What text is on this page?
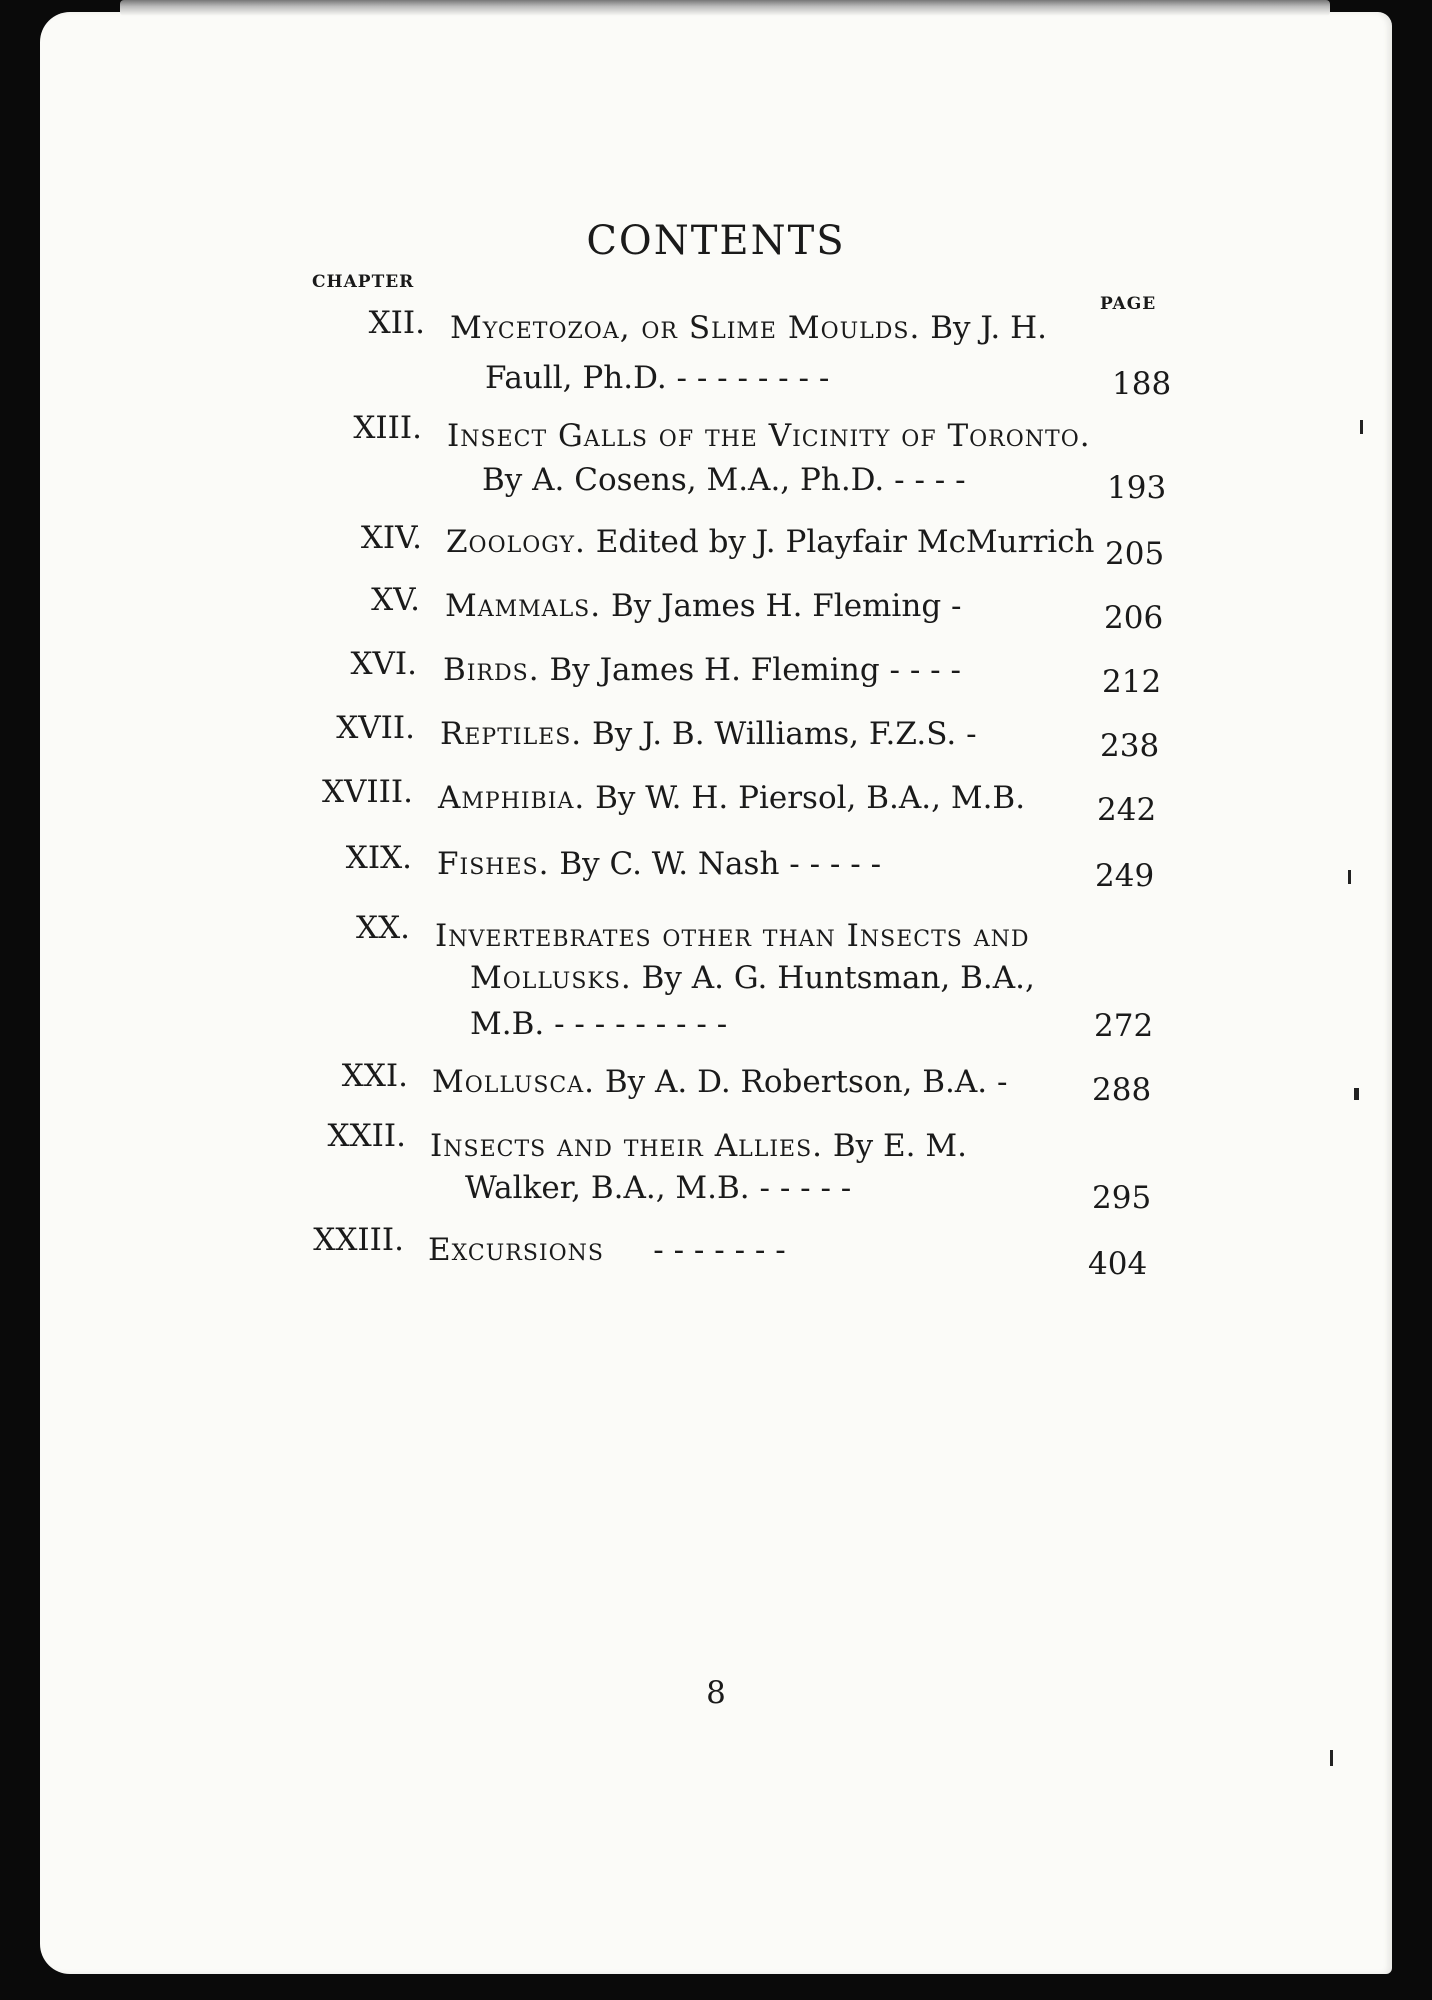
CONTENTS
CHAPTER
PAGE
XII. Mycetozoa, or Slime Moulds. By J. H.
Faull, Ph.D. - - - - - - - -	188
XIII. Insect Galls of the Vicinity of Toronto.
By A. Cosens, M.A., Ph.D. - - - -	193
XIV. Zoology. Edited by J. Playfair McMurrich 205
XV. Mammals. By James H. Fleming -	206
XVI. Birds. By James H. Fleming - - - -	212
XVII. Reptiles. By J. B. Williams, F.Z.S. -	238
XVIII. Amphibia. By W. H. Piersol, B.A., M.B. 242
XIX. Fishes. By C. W. Nash - - - - -	249
XX. Invertebrates other than Insects and
Mollusks. By A. G. Huntsman, B.A.,
M.B. - - - - - - - - -	272
XXI. Mollusca. By A. D. Robertson, B.A. -	288
XXII. Insects and their Allies. By E. M.
Walker, B.A., M.B. - - - - -	295
XXIII. Excursions - - - - - - -	404
8
